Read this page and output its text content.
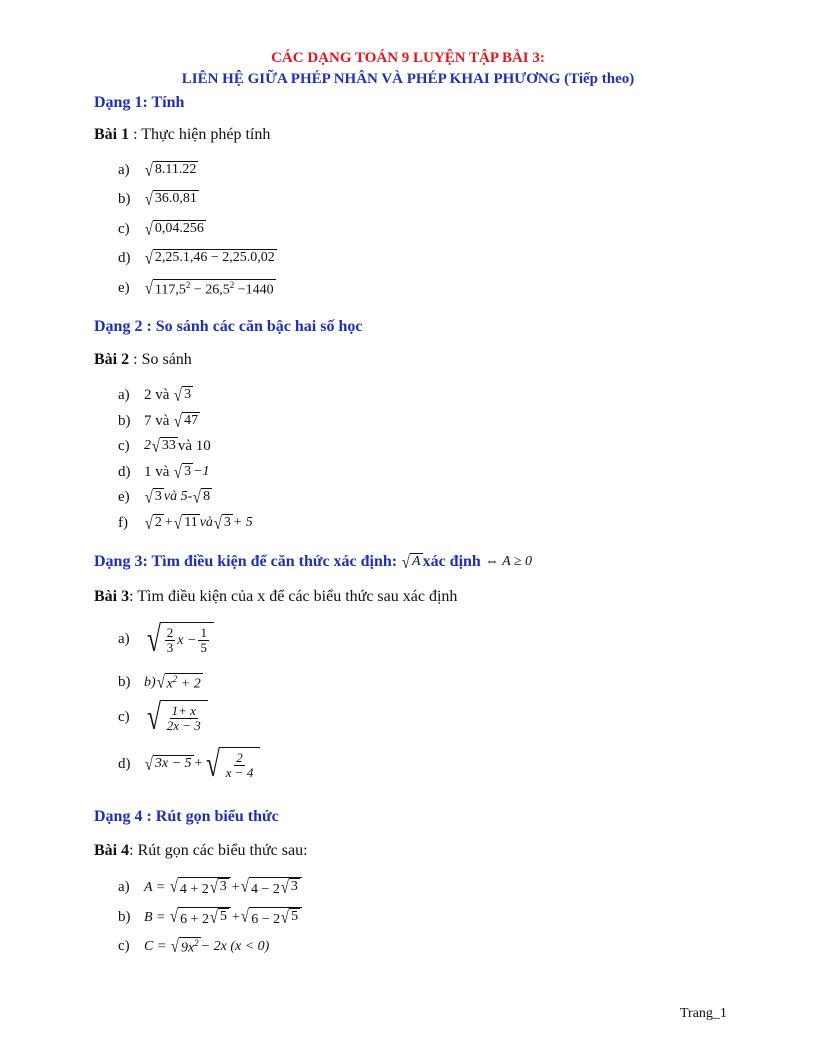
CÁC DẠNG TOÁN 9 LUYỆN TẬP BÀI 3:
LIÊN HỆ GIỮA PHÉP NHÂN VÀ PHÉP KHAI PHƯƠNG (Tiếp theo)
Dạng 1: Tính
Bài 1 : Thực hiện phép tính
a) √ 8.11.22
b) √ 36.0,81
c) √ 0,04.256
d) √ 2,25.1,46 − 2,25.0,02
e) √ $117,5^2 - 26,5^2 -1440$
Dạng 2 : So sánh các căn bậc hai số học
Bài 2 : So sánh
a) 2 và
√ 3
b) 7 và
√ 47
c)	2 √ 33 và 10
d) 1 và
√ 3 −1
e) √ 3 và 5- √ 8
f) √ 2 + √ 11 và √ 3 + 5
Dạng 3: Tìm điều kiện để căn thức xác định:
√ A xác định
⇔ A ≥ 0
Bài 3: Tìm điều kiện của x để các biểu thức sau xác định
a) √ $\frac{2}{3}$ $x - \frac{1}{5}$
b) b) √ $x^2 + 2$
c) √ $\frac{1+ x}{2x - 3}$
d) √ 3x − 5 + √ $\frac{2}{x - 4}$
Dạng 4 : Rút gọn biểu thức
Bài 4: Rút gọn các biểu thức sau:
a)	A =
√ 4 + 2 √ 3 + √ 4 − 2 √ 3
b) B =
√ 6 + 2 √ 5 + √ 6 − 2 √ 5
c)	C =
√ $9x^2 - 2x$ (x < 0)
Trang_1
